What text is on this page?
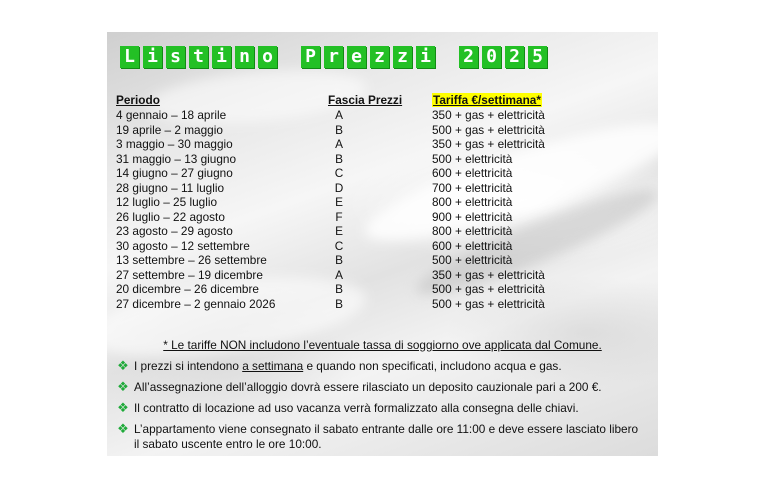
L i s t i n o P r e z z i 2 0 2 5
Periodo	Fascia Prezzi	Tariffa €/settimana*
4 gennaio – 18 aprile	A	350 + gas + elettricità
19 aprile – 2 maggio	B	500 + gas + elettricità
3 maggio – 30 maggio	A	350 + gas + elettricità
31 maggio – 13 giugno	B	500 + elettricità
14 giugno – 27 giugno	C	600 + elettricità
28 giugno – 11 luglio	D	700 + elettricità
12 luglio – 25 luglio	E	800 + elettricità
26 luglio – 22 agosto	F	900 + elettricità
23 agosto – 29 agosto	E	800 + elettricità
30 agosto – 12 settembre	C	600 + elettricità
13 settembre – 26 settembre	B	500 + elettricità
27 settembre – 19 dicembre	A	350 + gas + elettricità
20 dicembre – 26 dicembre	B	500 + gas + elettricità
27 dicembre – 2 gennaio 2026	B	500 + gas + elettricità
* Le tariffe NON includono l’eventuale tassa di soggiorno ove applicata dal Comune.
❖ I prezzi si intendono a settimana e quando non specificati, includono acqua e gas.
❖ All’assegnazione dell’alloggio dovrà essere rilasciato un deposito cauzionale pari a 200 €.
❖ Il contratto di locazione ad uso vacanza verrà formalizzato alla consegna delle chiavi.
❖ L’appartamento viene consegnato il sabato entrante dalle ore 11:00 e deve essere lasciato libero il sabato uscente entro le ore 10:00.
